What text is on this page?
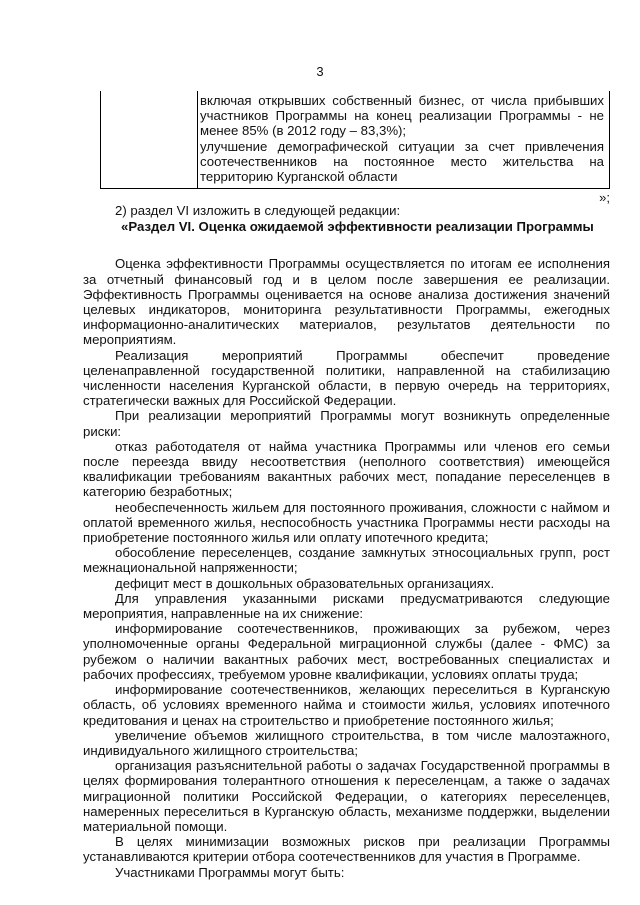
3

включая открывших собственный бизнес, от числа прибывших участников Программы на конец реализации Программы - не менее 85% (в 2012 году – 83,3%);

улучшение демографической ситуации за счет привлечения соотечественников на постоянное место жительства на территорию Курганской области

»;

2) раздел VI изложить в следующей редакции:

«Раздел VI. Оценка ожидаемой эффективности реализации Программы

Оценка эффективности Программы осуществляется по итогам ее исполнения за отчетный финансовый год и в целом после завершения ее реализации. Эффективность Программы оценивается на основе анализа достижения значений целевых индикаторов, мониторинга результативности Программы, ежегодных информационно-аналитических материалов, результатов деятельности по мероприятиям.

Реализация мероприятий Программы обеспечит проведение целенаправленной государственной политики, направленной на стабилизацию численности населения Курганской области, в первую очередь на территориях, стратегически важных для Российской Федерации.

При реализации мероприятий Программы могут возникнуть определенные риски:

отказ работодателя от найма участника Программы или членов его семьи после переезда ввиду несоответствия (неполного соответствия) имеющейся квалификации требованиям вакантных рабочих мест, попадание переселенцев в категорию безработных;

необеспеченность жильем для постоянного проживания, сложности с наймом и оплатой временного жилья, неспособность участника Программы нести расходы на приобретение постоянного жилья или оплату ипотечного кредита;

обособление переселенцев, создание замкнутых этносоциальных групп, рост межнациональной напряженности;

дефицит мест в дошкольных образовательных организациях.

Для управления указанными рисками предусматриваются следующие мероприятия, направленные на их снижение:

информирование соотечественников, проживающих за рубежом, через уполномоченные органы Федеральной миграционной службы (далее - ФМС) за рубежом о наличии вакантных рабочих мест, востребованных специалистах и рабочих профессиях, требуемом уровне квалификации, условиях оплаты труда;

информирование соотечественников, желающих переселиться в Курганскую область, об условиях временного найма и стоимости жилья, условиях ипотечного кредитования и ценах на строительство и приобретение постоянного жилья;

увеличение объемов жилищного строительства, в том числе малоэтажного, индивидуального жилищного строительства;

организация разъяснительной работы о задачах Государственной программы в целях формирования толерантного отношения к переселенцам, а также о задачах миграционной политики Российской Федерации, о категориях переселенцев, намеренных переселиться в Курганскую область, механизме поддержки, выделении материальной помощи.

В целях минимизации возможных рисков при реализации Программы устанавливаются критерии отбора соотечественников для участия в Программе.

Участниками Программы могут быть:
